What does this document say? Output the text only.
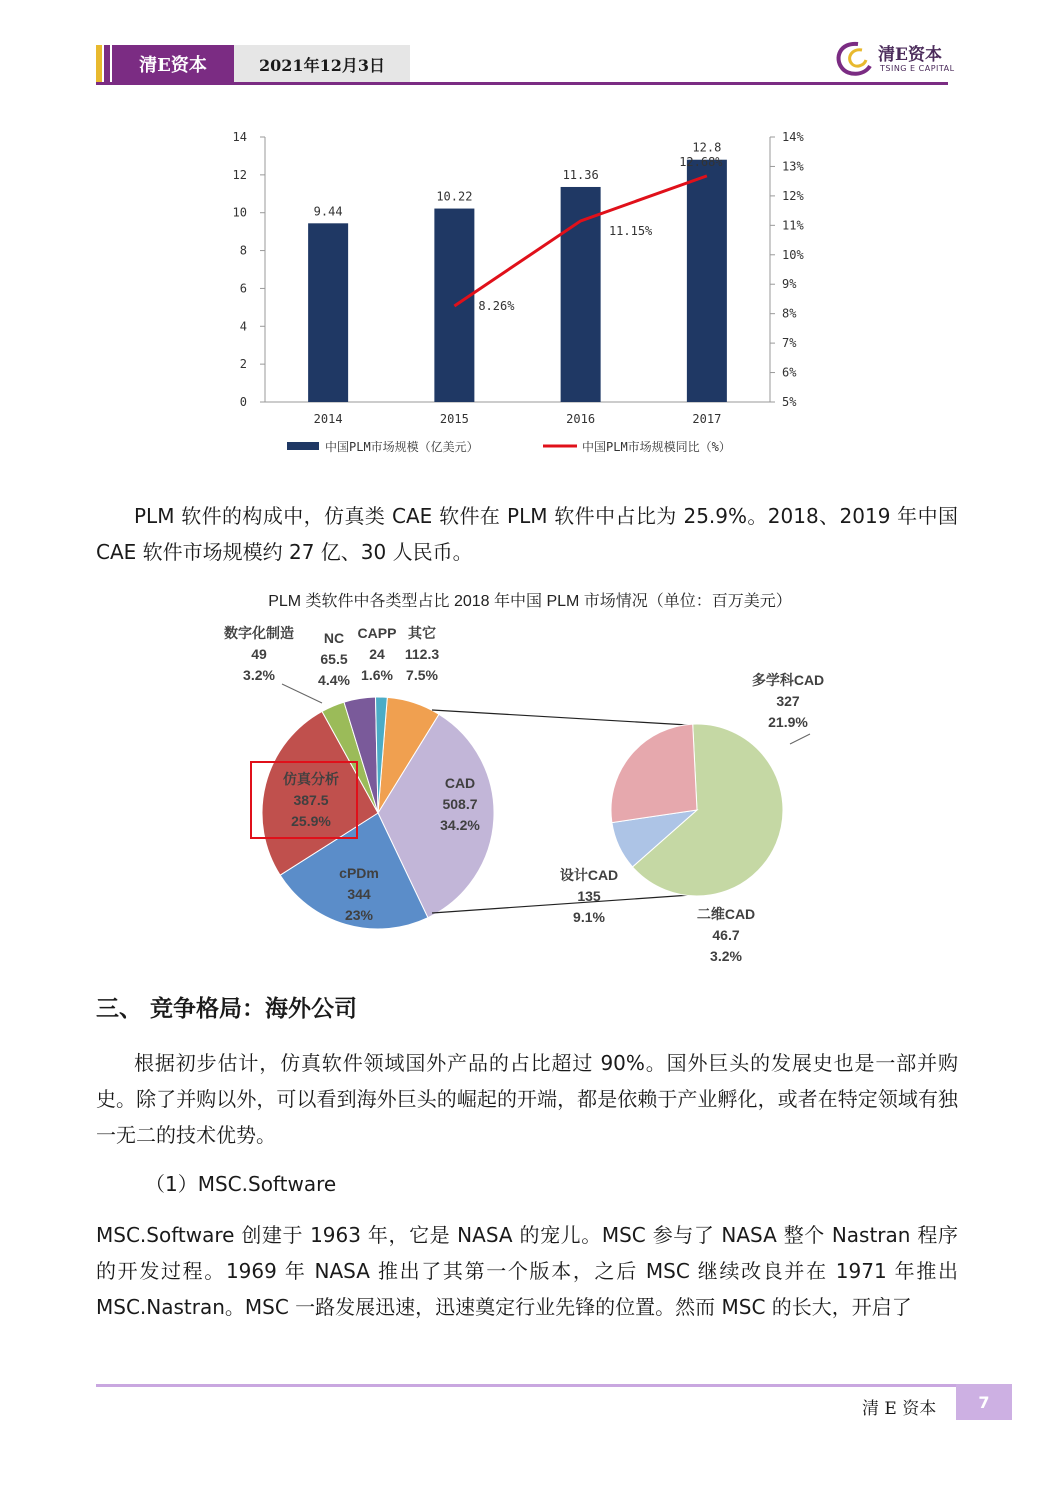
清E资本	2021年12月3日	清E资本
TSING E CAPITAL
0
2
4
6
8
10
12
14
5%
6%
7%
8%
9%
10%
11%
12%
13%
14%
9.44
10.22
11.36
12.8
2014	2015	2016	2017
8.26%
11.15%
12.68%
中国PLM市场规模（亿美元）	中国PLM市场规模同比（%）

PLM 软件的构成中，仿真类 CAE 软件在 PLM 软件中占比为 25.9%。2018、2019 年中国 CAE 软件市场规模约 27 亿、30 人民币。

PLM 类软件中各类型占比 2018 年中国 PLM 市场情况（单位：百万美元）
其它
112.3
7.5%
CAD
508.7
34.2%
cPDm
344
23%
仿真分析
387.5
25.9%
数字化制造
49
3.2%
NC
65.5
4.4%
CAPP
24
1.6%	多学科CAD
327
21.9%
二维CAD
46.7
3.2%
设计CAD
135
9.1%
三、 竞争格局：海外公司

根据初步估计，仿真软件领域国外产品的占比超过 90%。国外巨头的发展史也是一部并购史。除了并购以外，可以看到海外巨头的崛起的开端，都是依赖于产业孵化，或者在特定领域有独一无二的技术优势。

（1）MSC.Software

MSC.Software 创建于 1963 年，它是 NASA 的宠儿。MSC 参与了 NASA 整个 Nastran 程序的开发过程。1969 年 NASA 推出了其第一个版本，之后 MSC 继续改良并在 1971 年推出 MSC.Nastran。MSC 一路发展迅速，迅速奠定行业先锋的位置。然而 MSC 的长大，开启了

清 E 资本	7
